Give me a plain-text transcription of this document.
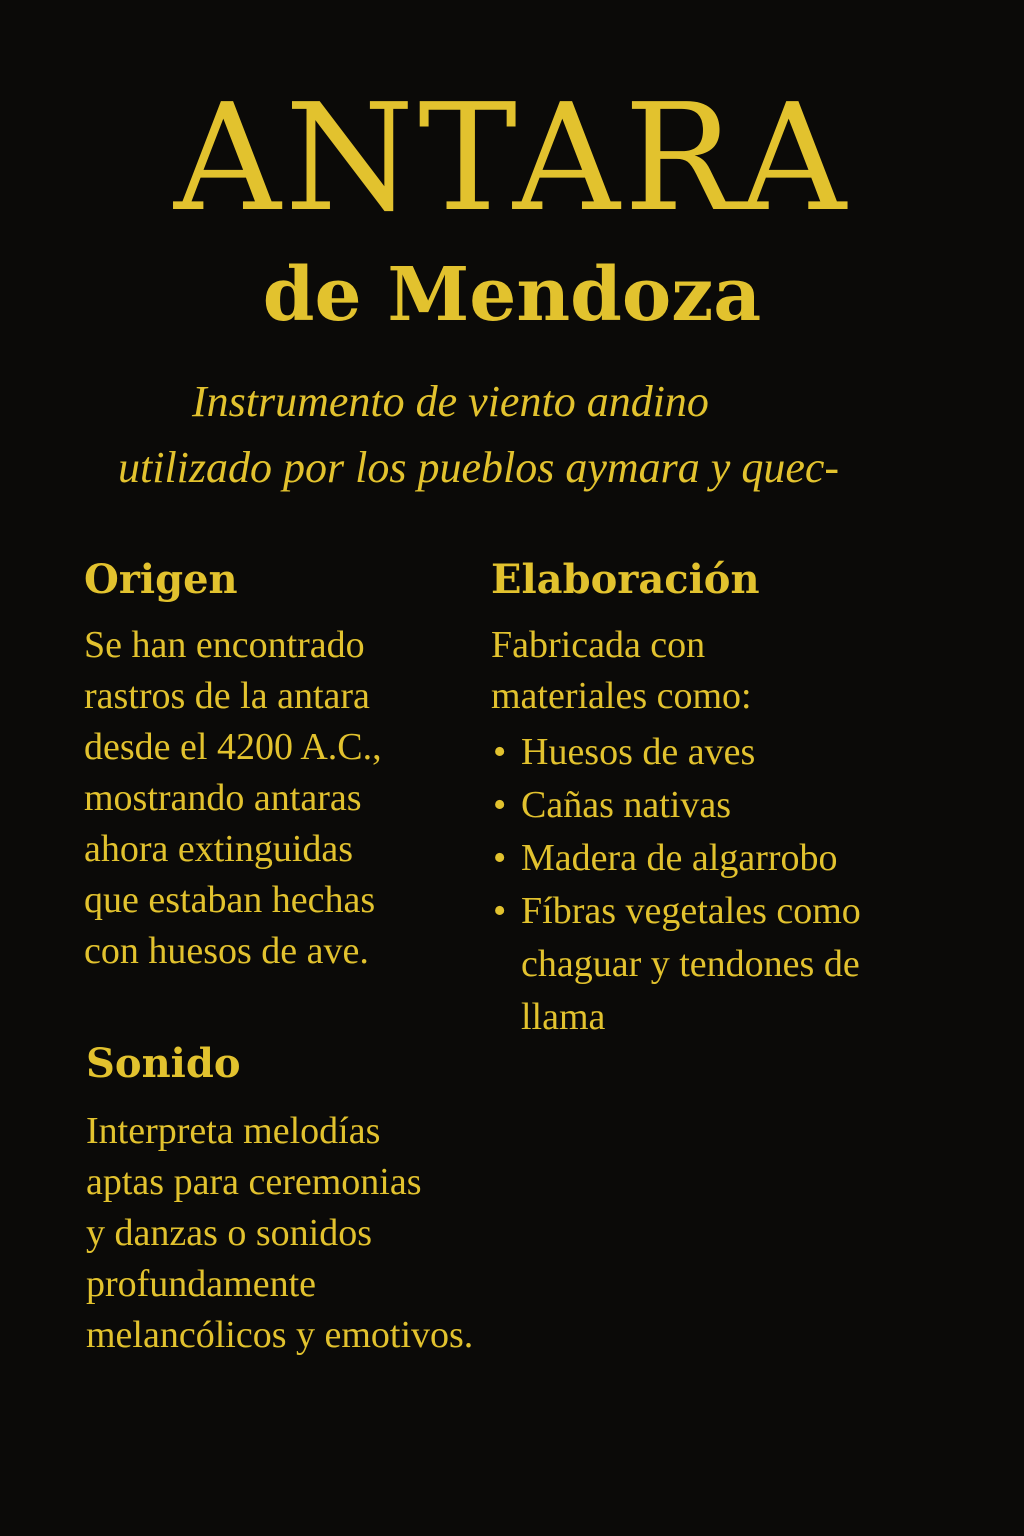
ANTARA
de Mendoza

Instrumento de viento andino

utilizado por los pueblos aymara y quec-

Origen

Se han encontrado
rastros de la antara
desde el 4200 A.C.,
mostrando antaras
ahora extinguidas
que estaban hechas
con huesos de ave.

Sonido

Interpreta melodías
aptas para ceremonias
y danzas o sonidos
profundamente
melancólicos y emotivos.

Elaboración

Fabricada con
materiales como:

• Huesos de aves
• Cañas nativas
• Madera de algarrobo
• Fíbras vegetales como
chaguar y tendones de
llama
